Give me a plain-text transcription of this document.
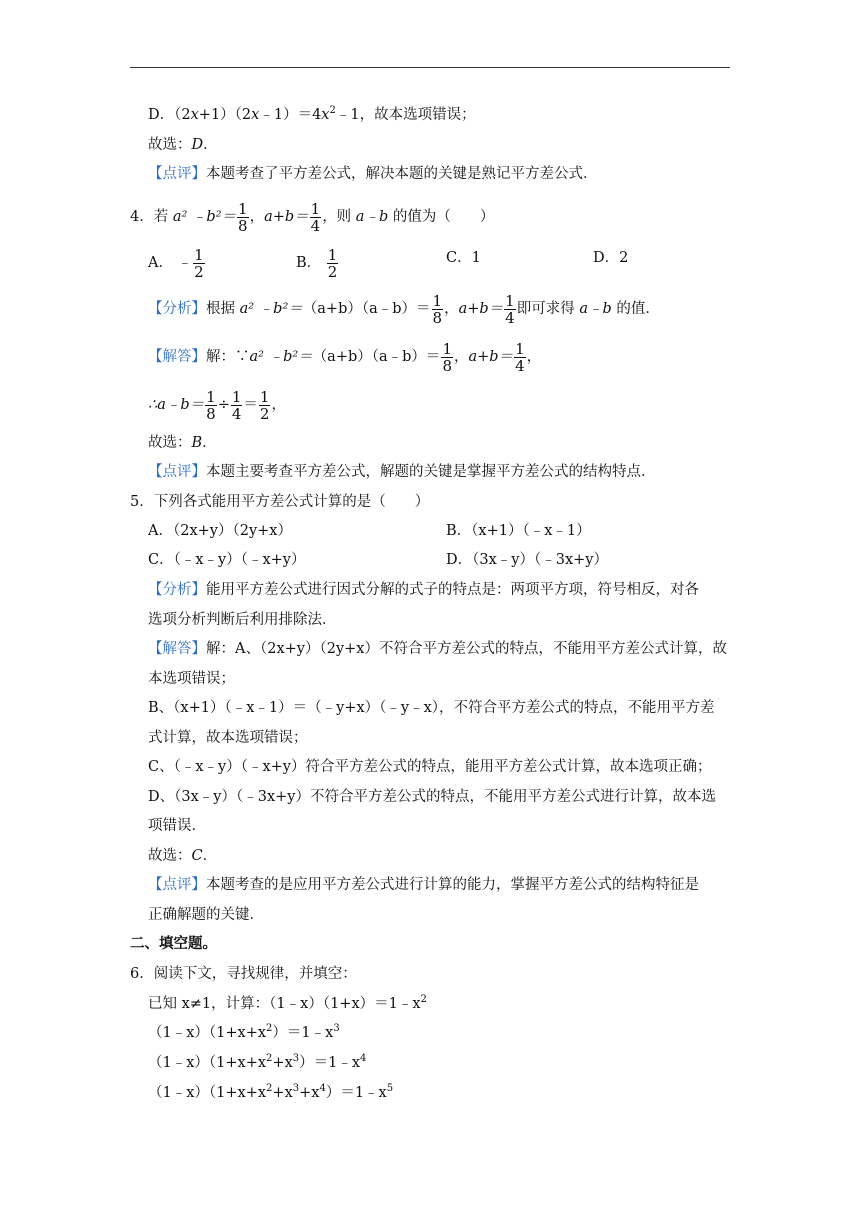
D．$(2x+1)(2x﹣1)=4x^2﹣1$，故本选项错误；
故选：D．
【点评】本题考查了平方差公式，解决本题的关键是熟记平方差公式．
4．若 a² ﹣b²＝ $\frac{1}{8}$ ，$a+b= \frac{1}{4}$ ，则 a﹣b 的值为（　　）
A． ﹣ $\frac{1}{2}$	B． $\frac{1}{2}$	C．1	D．2
【分析】根据 a² ﹣b²＝（a+b）（a﹣b）＝ $\frac{1}{8}$ ，$a+b= \frac{1}{4}$ 即可求得 a﹣b 的值．
【解答】解：∵a² ﹣b²＝（a+b）（a﹣b）＝ $\frac{1}{8}$ ，$a+b= \frac{1}{4}$ ，
∴a﹣b＝ $\frac{1}{8} \div \frac{1}{4} = \frac{1}{2}$ ，
故选：B．
【点评】本题主要考查平方差公式，解题的关键是掌握平方差公式的结构特点．
5．下列各式能用平方差公式计算的是（　　）
A．（2x+y）（2y+x）	B．（x+1）（﹣x﹣1）
C．（﹣x﹣y）（﹣x+y）	D．（3x﹣y）（﹣3x+y）
【分析】能用平方差公式进行因式分解的式子的特点是：两项平方项，符号相反，对各
选项分析判断后利用排除法．
【解答】解：A、（2x+y）（2y+x）不符合平方差公式的特点，不能用平方差公式计算，故
本选项错误；
B、（x+1）（﹣x﹣1）＝（﹣y+x）（﹣y﹣x），不符合平方差公式的特点，不能用平方差
式计算，故本选项错误；
C、（﹣x﹣y）（﹣x+y）符合平方差公式的特点，能用平方差公式计算，故本选项正确；
D、（3x﹣y）（﹣3x+y）不符合平方差公式的特点，不能用平方差公式进行计算，故本选
项错误．
故选：C．
【点评】本题考查的是应用平方差公式进行计算的能力，掌握平方差公式的结构特征是
正确解题的关键．
二、填空题。
6．阅读下文，寻找规律，并填空：
已知 x≠1，计算：$(1﹣x)(1+x)=1﹣x^2$
$(1﹣x)(1+x+x^2)=1﹣x^3$
$(1﹣x)(1+x+x^2+x^3)=1﹣x^4$
$(1﹣x)(1+x+x^2+x^3+x^4)=1﹣x^5$
